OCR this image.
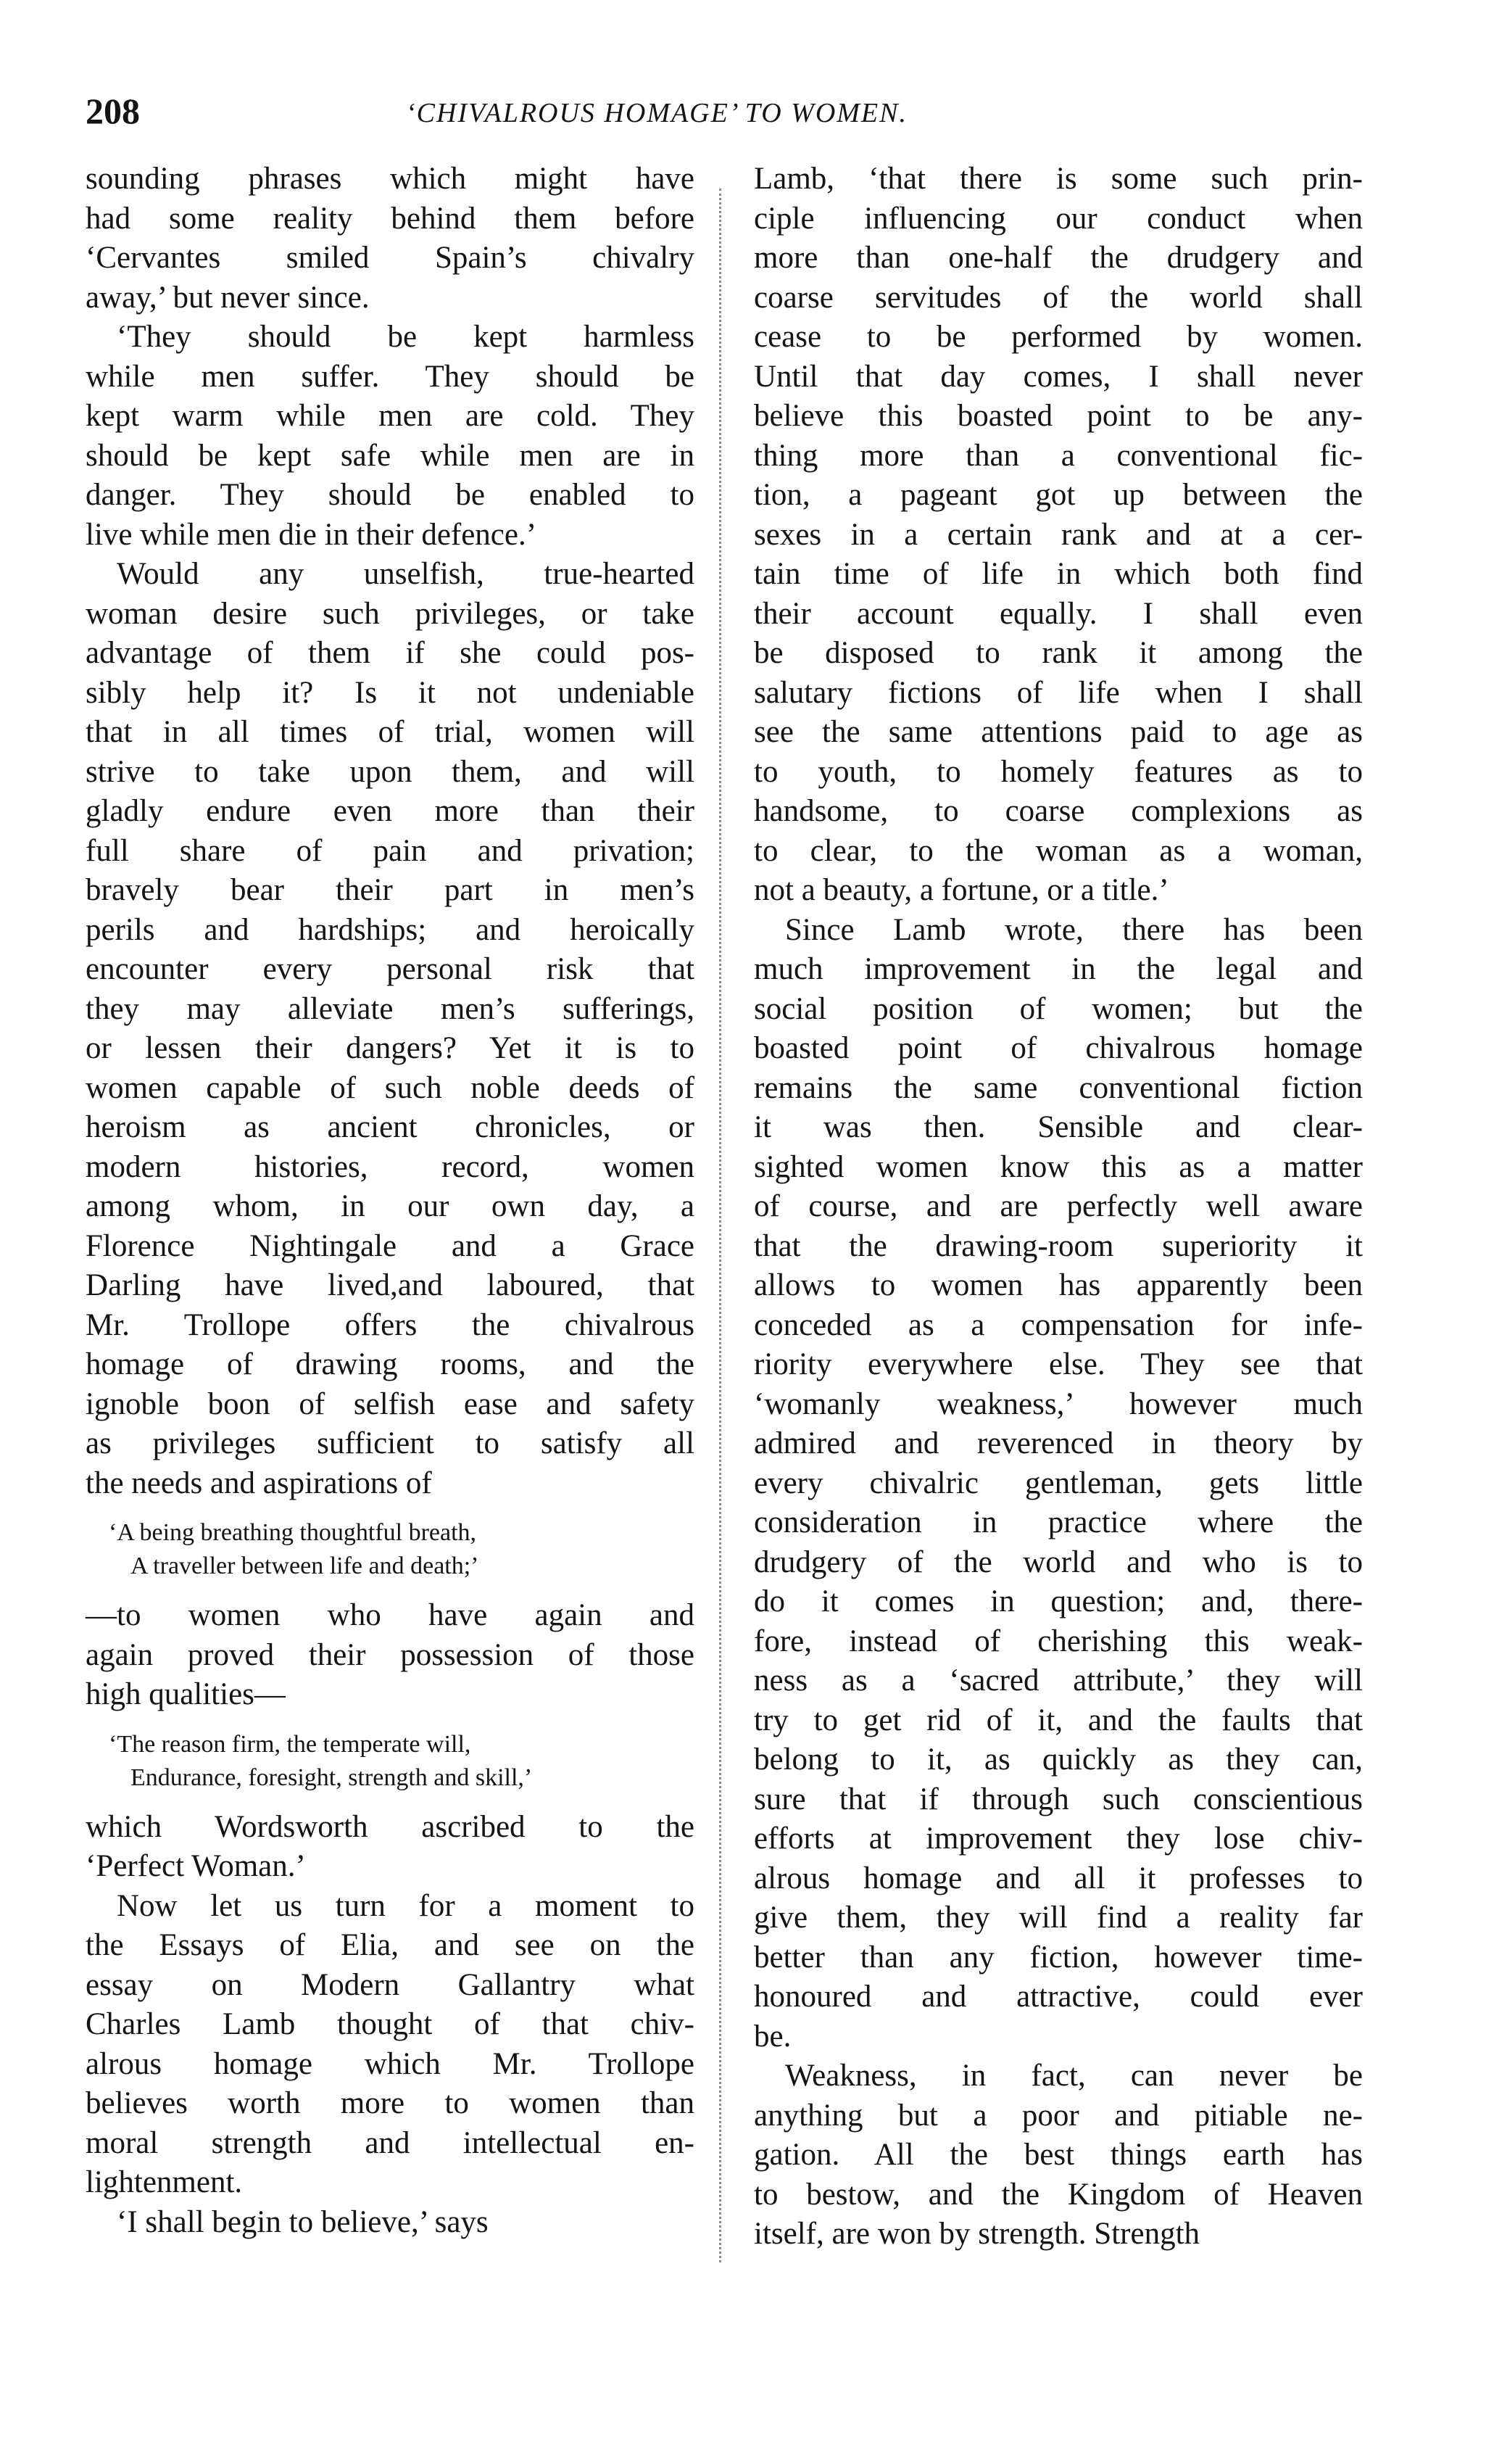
208	‘CHIVALROUS HOMAGE’ TO WOMEN.
sounding phrases which might have
had some reality behind them before
‘Cervantes smiled Spain’s chivalry
away,’ but never since.
 ‘They should be kept harmless
while men suffer. They should be
kept warm while men are cold. They
should be kept safe while men are in
danger. They should be enabled to
live while men die in their defence.’
 Would any unselfish, true-hearted
woman desire such privileges, or take
advantage of them if she could pos-
sibly help it? Is it not undeniable
that in all times of trial, women will
strive to take upon them, and will
gladly endure even more than their
full share of pain and privation;
bravely bear their part in men’s
perils and hardships; and heroically
encounter every personal risk that
they may alleviate men’s sufferings,
or lessen their dangers? Yet it is to
women capable of such noble deeds of
heroism as ancient chronicles, or
modern histories, record, women
among whom, in our own day, a
Florence Nightingale and a Grace
Darling have lived,and laboured, that
Mr. Trollope offers the chivalrous
homage of drawing rooms, and the
ignoble boon of selfish ease and safety
as privileges sufficient to satisfy all
the needs and aspirations of
‘A being breathing thoughtful breath,
A traveller between life and death;’
—to women who have again and
again proved their possession of those
high qualities—
‘The reason firm, the temperate will,
Endurance, foresight, strength and skill,’
which Wordsworth ascribed to the
‘Perfect Woman.’
 Now let us turn for a moment to
the Essays of Elia, and see on the
essay on Modern Gallantry what
Charles Lamb thought of that chiv-
alrous homage which Mr. Trollope
believes worth more to women than
moral strength and intellectual en-
lightenment.
 ‘I shall begin to believe,’ says
Lamb, ‘that there is some such prin-
ciple influencing our conduct when
more than one-half the drudgery and
coarse servitudes of the world shall
cease to be performed by women.
Until that day comes, I shall never
believe this boasted point to be any-
thing more than a conventional fic-
tion, a pageant got up between the
sexes in a certain rank and at a cer-
tain time of life in which both find
their account equally. I shall even
be disposed to rank it among the
salutary fictions of life when I shall
see the same attentions paid to age as
to youth, to homely features as to
handsome, to coarse complexions as
to clear, to the woman as a woman,
not a beauty, a fortune, or a title.’
 Since Lamb wrote, there has been
much improvement in the legal and
social position of women; but the
boasted point of chivalrous homage
remains the same conventional fiction
it was then. Sensible and clear-
sighted women know this as a matter
of course, and are perfectly well aware
that the drawing-room superiority it
allows to women has apparently been
conceded as a compensation for infe-
riority everywhere else. They see that
‘womanly weakness,’ however much
admired and reverenced in theory by
every chivalric gentleman, gets little
consideration in practice where the
drudgery of the world and who is to
do it comes in question; and, there-
fore, instead of cherishing this weak-
ness as a ‘sacred attribute,’ they will
try to get rid of it, and the faults that
belong to it, as quickly as they can,
sure that if through such conscientious
efforts at improvement they lose chiv-
alrous homage and all it professes to
give them, they will find a reality far
better than any fiction, however time-
honoured and attractive, could ever
be.
 Weakness, in fact, can never be
anything but a poor and pitiable ne-
gation. All the best things earth has
to bestow, and the Kingdom of Heaven
itself, are won by strength. Strength
